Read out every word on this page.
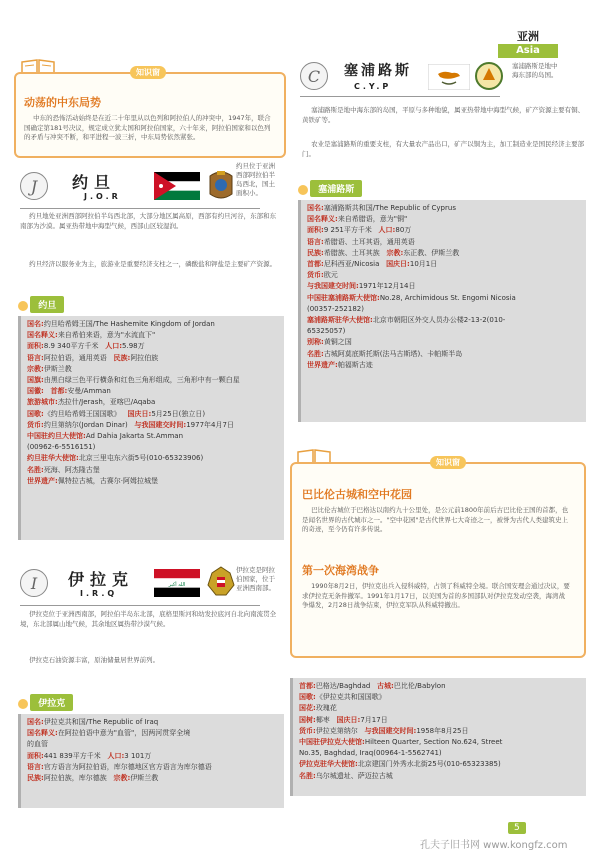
亚洲
Asia
知识窗
动荡的中东局势

中东的恐怖活动始终是在近二十年里从以色列和阿拉伯人的冲突中，1947年，联合国确定第181号决议，规定成立犹太国和阿拉伯国家，六十年来，阿拉伯国家和以色列的矛盾与冲突不断，和平进程一波三折，中东局势依然紧张。

J	约旦
J.O.R
约旦位于亚洲西部阿拉伯半岛西北，国土面积小。

约旦地处亚洲西部阿拉伯半岛西北部，大部分地区属高原，西部有约旦河谷，东部和东南部为沙漠。属亚热带地中海型气候，西部山区较湿润。

约旦经济以服务业为主，旅游业是重要经济支柱之一，磷酸盐和钾盐是主要矿产资源。

约旦

国名:约旦哈希姆王国/The Hashemite Kingdom of Jordan

国名释义:来自希伯来语，意为"水流直下"

面积:8.9 340平方千米 人口:5.98万

语言:阿拉伯语，通用英语 民族:阿拉伯族

宗教:伊斯兰教

国旗:由黑白绿三色平行横条和红色三角形组成，三角形中有一颗白星

国徽: 首都:安曼/Amman

旅游城市:杰拉什/Jerash，亚喀巴/Aqaba

国歌:《约旦哈希姆王国国歌》 国庆日:5月25日(独立日)

货币:约旦第纳尔(Jordan Dinar) 与我国建交时间:1977年4月7日

中国驻约旦大使馆:Ad Dahia Jakarta St.Amman

(00962-6-5516151)

约旦驻华大使馆:北京三里屯东六街5号(010-65323906)

名胜:死海、阿杰隆古堡

世界遗产:佩特拉古城，古赛尔·阿姆拉城堡

I	伊拉克
I.R.Q
الله أكبر
伊拉克是阿拉伯国家，位于亚洲西南部。

伊拉克位于亚洲西南部，阿拉伯半岛东北部，底格里斯河和幼发拉底河自北向南流贯全境，东北部属山地气候，其余地区属热带沙漠气候。

伊拉克石油资源丰富，原油储量居世界前列。

伊拉克

国名:伊拉克共和国/The Republic of Iraq

国名释义:在阿拉伯语中意为"血管"，因两河贯穿全境

的血管

面积:441 839平方千米 人口:3 101万

语言:官方语言为阿拉伯语，库尔德地区官方语言为库尔德语

民族:阿拉伯族，库尔德族 宗教:伊斯兰教

C	塞浦路斯
C.Y.P
塞浦路斯是地中海东部的岛国。

塞浦路斯是地中海东部的岛国，平原与多种地貌，属亚热带地中海型气候，矿产资源主要有铜、黄铁矿等。

农业是塞浦路斯的重要支柱，有大量农产品出口，矿产以铜为主，加工制造业是国民经济主要部门。

塞浦路斯

国名:塞浦路斯共和国/The Republic of Cyprus

国名释义:来自希腊语，意为"铜"

面积:9 251平方千米 人口:80万

语言:希腊语、土耳其语，通用英语

民族:希腊族、土耳其族 宗教:东正教、伊斯兰教

首都:尼科西亚/Nicosia 国庆日:10月1日

货币:欧元

与我国建交时间:1971年12月14日

中国驻塞浦路斯大使馆:No.28, Archimidous St. Engomi Nicosia

(00357-252182)

塞浦路斯驻华大使馆:北京市朝阳区外交人员办公楼2-13-2(010-

65325057)

别称:黄铜之国

名胜:古城阿莫底斯托斯(法马古斯塔)、卡帕斯半岛

世界遗产:帕福斯古迹

知识窗
巴比伦古城和空中花园

巴比伦古城位于巴格达以南约九十公里处，是公元前1800年前后古巴比伦王国的首都，也是闻名世界的古代城市之一。"空中花园"是古代世界七大奇迹之一，被誉为古代人类建筑史上的奇迹，至今仍有许多传说。

第一次海湾战争

1990年8月2日，伊拉克出兵入侵科威特，占领了科威特全境。联合国安理会通过决议，要求伊拉克无条件撤军。1991年1月17日，以美国为首的多国部队对伊拉克发动空袭，海湾战争爆发，2月28日战争结束，伊拉克军队从科威特撤出。

首都:巴格达/Baghdad 古城:巴比伦/Babylon

国歌:《伊拉克共和国国歌》

国花:玫瑰花

国树:椰枣 国庆日:7月17日

货币:伊拉克第纳尔 与我国建交时间:1958年8月25日

中国驻伊拉克大使馆:Hilteen Quarter, Section No.624, Street

No.35, Baghdad, Iraq(00964-1-5562741)

伊拉克驻华大使馆:北京建国门外秀水北街25号(010-65323385)

名胜:乌尔城遗址、萨迈拉古城

5
孔夫子旧书网 www.kongfz.com
